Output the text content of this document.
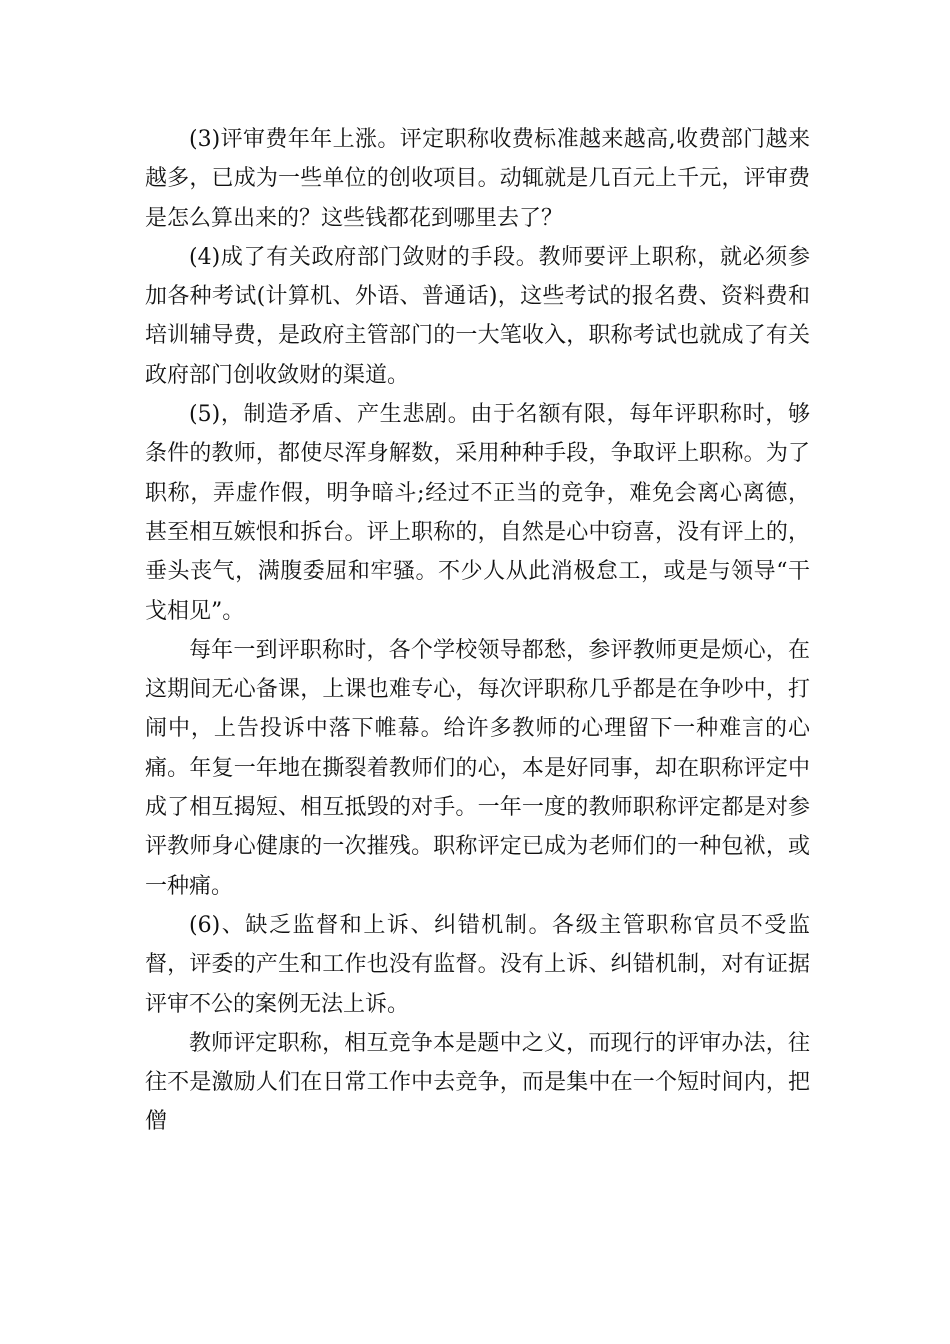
(3)评审费年年上涨。评定职称收费标准越来越高,收费部门越来越多，已成为一些单位的创收项目。动辄就是几百元上千元，评审费是怎么算出来的？这些钱都花到哪里去了？

(4)成了有关政府部门敛财的手段。教师要评上职称，就必须参加各种考试(计算机、外语、普通话)，这些考试的报名费、资料费和培训辅导费，是政府主管部门的一大笔收入，职称考试也就成了有关政府部门创收敛财的渠道。

(5)，制造矛盾、产生悲剧。由于名额有限，每年评职称时，够条件的教师，都使尽浑身解数，采用种种手段，争取评上职称。为了职称，弄虚作假，明争暗斗;经过不正当的竞争，难免会离心离德，甚至相互嫉恨和拆台。评上职称的，自然是心中窃喜，没有评上的，垂头丧气，满腹委屈和牢骚。不少人从此消极怠工，或是与领导“干戈相见”。

每年一到评职称时，各个学校领导都愁，参评教师更是烦心，在这期间无心备课，上课也难专心，每次评职称几乎都是在争吵中，打闹中，上告投诉中落下帷幕。给许多教师的心理留下一种难言的心痛。年复一年地在撕裂着教师们的心，本是好同事，却在职称评定中成了相互揭短、相互抵毁的对手。一年一度的教师职称评定都是对参评教师身心健康的一次摧残。职称评定已成为老师们的一种包袱，或一种痛。

(6)、缺乏监督和上诉、纠错机制。各级主管职称官员不受监督，评委的产生和工作也没有监督。没有上诉、纠错机制，对有证据评审不公的案例无法上诉。

教师评定职称，相互竞争本是题中之义，而现行的评审办法，往往不是激励人们在日常工作中去竞争，而是集中在一个短时间内，把僧
